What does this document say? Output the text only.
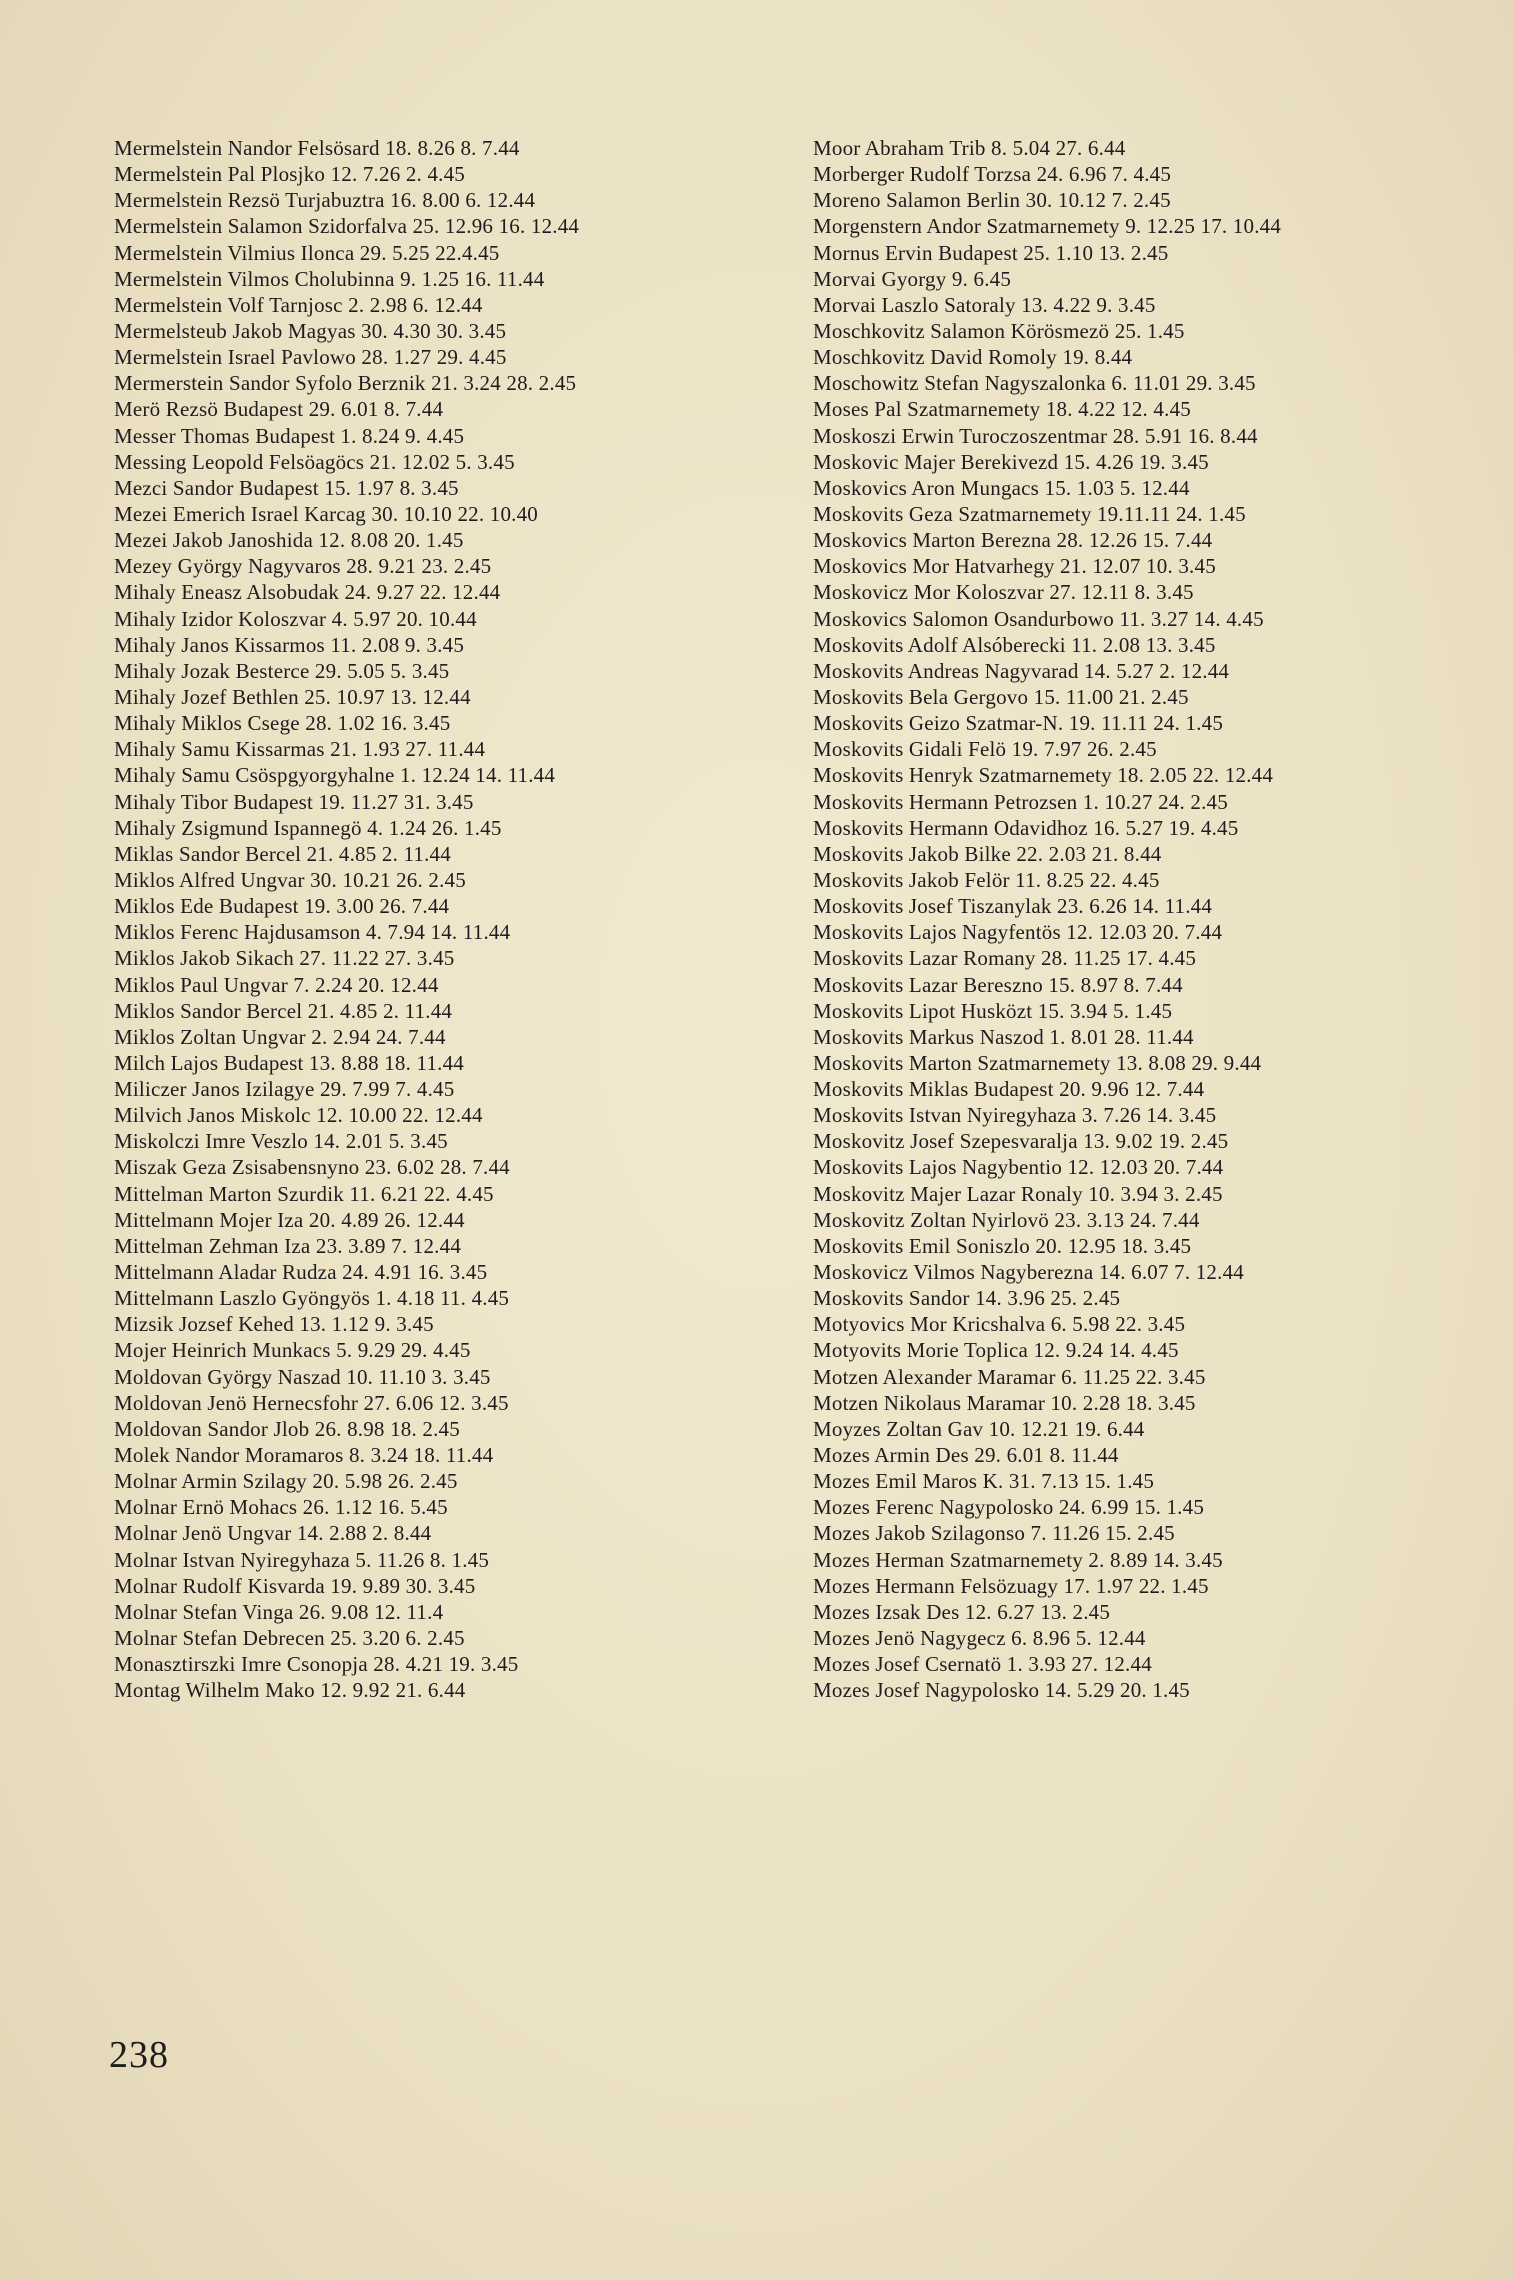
Mermelstein Nandor Felsösard 18. 8.26 8. 7.44
Mermelstein Pal Plosjko 12. 7.26 2. 4.45
Mermelstein Rezsö Turjabuztra 16. 8.00 6. 12.44
Mermelstein Salamon Szidorfalva 25. 12.96 16. 12.44
Mermelstein Vilmius Ilonca 29. 5.25 22.4.45
Mermelstein Vilmos Cholubinna 9. 1.25 16. 11.44
Mermelstein Volf Tarnjosc 2. 2.98 6. 12.44
Mermelsteub Jakob Magyas 30. 4.30 30. 3.45
Mermelstein Israel Pavlowo 28. 1.27 29. 4.45
Mermerstein Sandor Syfolo Berznik 21. 3.24 28. 2.45
Merö Rezsö Budapest 29. 6.01 8. 7.44
Messer Thomas Budapest 1. 8.24 9. 4.45
Messing Leopold Felsöagöcs 21. 12.02 5. 3.45
Mezci Sandor Budapest 15. 1.97 8. 3.45
Mezei Emerich Israel Karcag 30. 10.10 22. 10.40
Mezei Jakob Janoshida 12. 8.08 20. 1.45
Mezey György Nagyvaros 28. 9.21 23. 2.45
Mihaly Eneasz Alsobudak 24. 9.27 22. 12.44
Mihaly Izidor Koloszvar 4. 5.97 20. 10.44
Mihaly Janos Kissarmos 11. 2.08 9. 3.45
Mihaly Jozak Besterce 29. 5.05 5. 3.45
Mihaly Jozef Bethlen 25. 10.97 13. 12.44
Mihaly Miklos Csege 28. 1.02 16. 3.45
Mihaly Samu Kissarmas 21. 1.93 27. 11.44
Mihaly Samu Csöspgyorgyhalne 1. 12.24 14. 11.44
Mihaly Tibor Budapest 19. 11.27 31. 3.45
Mihaly Zsigmund Ispannegö 4. 1.24 26. 1.45
Miklas Sandor Bercel 21. 4.85 2. 11.44
Miklos Alfred Ungvar 30. 10.21 26. 2.45
Miklos Ede Budapest 19. 3.00 26. 7.44
Miklos Ferenc Hajdusamson 4. 7.94 14. 11.44
Miklos Jakob Sikach 27. 11.22 27. 3.45
Miklos Paul Ungvar 7. 2.24 20. 12.44
Miklos Sandor Bercel 21. 4.85 2. 11.44
Miklos Zoltan Ungvar 2. 2.94 24. 7.44
Milch Lajos Budapest 13. 8.88 18. 11.44
Miliczer Janos Izilagye 29. 7.99 7. 4.45
Milvich Janos Miskolc 12. 10.00 22. 12.44
Miskolczi Imre Veszlo 14. 2.01 5. 3.45
Miszak Geza Zsisabensnyno 23. 6.02 28. 7.44
Mittelman Marton Szurdik 11. 6.21 22. 4.45
Mittelmann Mojer Iza 20. 4.89 26. 12.44
Mittelman Zehman Iza 23. 3.89 7. 12.44
Mittelmann Aladar Rudza 24. 4.91 16. 3.45
Mittelmann Laszlo Gyöngyös 1. 4.18 11. 4.45
Mizsik Jozsef Kehed 13. 1.12 9. 3.45
Mojer Heinrich Munkacs 5. 9.29 29. 4.45
Moldovan György Naszad 10. 11.10 3. 3.45
Moldovan Jenö Hernecsfohr 27. 6.06 12. 3.45
Moldovan Sandor Jlob 26. 8.98 18. 2.45
Molek Nandor Moramaros 8. 3.24 18. 11.44
Molnar Armin Szilagy 20. 5.98 26. 2.45
Molnar Ernö Mohacs 26. 1.12 16. 5.45
Molnar Jenö Ungvar 14. 2.88 2. 8.44
Molnar Istvan Nyiregyhaza 5. 11.26 8. 1.45
Molnar Rudolf Kisvarda 19. 9.89 30. 3.45
Molnar Stefan Vinga 26. 9.08 12. 11.4
Molnar Stefan Debrecen 25. 3.20 6. 2.45
Monasztirszki Imre Csonopja 28. 4.21 19. 3.45
Montag Wilhelm Mako 12. 9.92 21. 6.44
Moor Abraham Trib 8. 5.04 27. 6.44
Morberger Rudolf Torzsa 24. 6.96 7. 4.45
Moreno Salamon Berlin 30. 10.12 7. 2.45
Morgenstern Andor Szatmarnemety 9. 12.25 17. 10.44
Mornus Ervin Budapest 25. 1.10 13. 2.45
Morvai Gyorgy 9. 6.45
Morvai Laszlo Satoraly 13. 4.22 9. 3.45
Moschkovitz Salamon Körösmezö 25. 1.45
Moschkovitz David Romoly 19. 8.44
Moschowitz Stefan Nagyszalonka 6. 11.01 29. 3.45
Moses Pal Szatmarnemety 18. 4.22 12. 4.45
Moskoszi Erwin Turoczoszentmar 28. 5.91 16. 8.44
Moskovic Majer Berekivezd 15. 4.26 19. 3.45
Moskovics Aron Mungacs 15. 1.03 5. 12.44
Moskovits Geza Szatmarnemety 19.11.11 24. 1.45
Moskovics Marton Berezna 28. 12.26 15. 7.44
Moskovics Mor Hatvarhegy 21. 12.07 10. 3.45
Moskovicz Mor Koloszvar 27. 12.11 8. 3.45
Moskovics Salomon Osandurbowo 11. 3.27 14. 4.45
Moskovits Adolf Alsóberecki 11. 2.08 13. 3.45
Moskovits Andreas Nagyvarad 14. 5.27 2. 12.44
Moskovits Bela Gergovo 15. 11.00 21. 2.45
Moskovits Geizo Szatmar-N. 19. 11.11 24. 1.45
Moskovits Gidali Felö 19. 7.97 26. 2.45
Moskovits Henryk Szatmarnemety 18. 2.05 22. 12.44
Moskovits Hermann Petrozsen 1. 10.27 24. 2.45
Moskovits Hermann Odavidhoz 16. 5.27 19. 4.45
Moskovits Jakob Bilke 22. 2.03 21. 8.44
Moskovits Jakob Felör 11. 8.25 22. 4.45
Moskovits Josef Tiszanylak 23. 6.26 14. 11.44
Moskovits Lajos Nagyfentös 12. 12.03 20. 7.44
Moskovits Lazar Romany 28. 11.25 17. 4.45
Moskovits Lazar Bereszno 15. 8.97 8. 7.44
Moskovits Lipot Husközt 15. 3.94 5. 1.45
Moskovits Markus Naszod 1. 8.01 28. 11.44
Moskovits Marton Szatmarnemety 13. 8.08 29. 9.44
Moskovits Miklas Budapest 20. 9.96 12. 7.44
Moskovits Istvan Nyiregyhaza 3. 7.26 14. 3.45
Moskovitz Josef Szepesvaralja 13. 9.02 19. 2.45
Moskovits Lajos Nagybentio 12. 12.03 20. 7.44
Moskovitz Majer Lazar Ronaly 10. 3.94 3. 2.45
Moskovitz Zoltan Nyirlovö 23. 3.13 24. 7.44
Moskovits Emil Soniszlo 20. 12.95 18. 3.45
Moskovicz Vilmos Nagyberezna 14. 6.07 7. 12.44
Moskovits Sandor 14. 3.96 25. 2.45
Motyovics Mor Kricshalva 6. 5.98 22. 3.45
Motyovits Morie Toplica 12. 9.24 14. 4.45
Motzen Alexander Maramar 6. 11.25 22. 3.45
Motzen Nikolaus Maramar 10. 2.28 18. 3.45
Moyzes Zoltan Gav 10. 12.21 19. 6.44
Mozes Armin Des 29. 6.01 8. 11.44
Mozes Emil Maros K. 31. 7.13 15. 1.45
Mozes Ferenc Nagypolosko 24. 6.99 15. 1.45
Mozes Jakob Szilagonso 7. 11.26 15. 2.45
Mozes Herman Szatmarnemety 2. 8.89 14. 3.45
Mozes Hermann Felsözuagy 17. 1.97 22. 1.45
Mozes Izsak Des 12. 6.27 13. 2.45
Mozes Jenö Nagygecz 6. 8.96 5. 12.44
Mozes Josef Csernatö 1. 3.93 27. 12.44
Mozes Josef Nagypolosko 14. 5.29 20. 1.45
238
